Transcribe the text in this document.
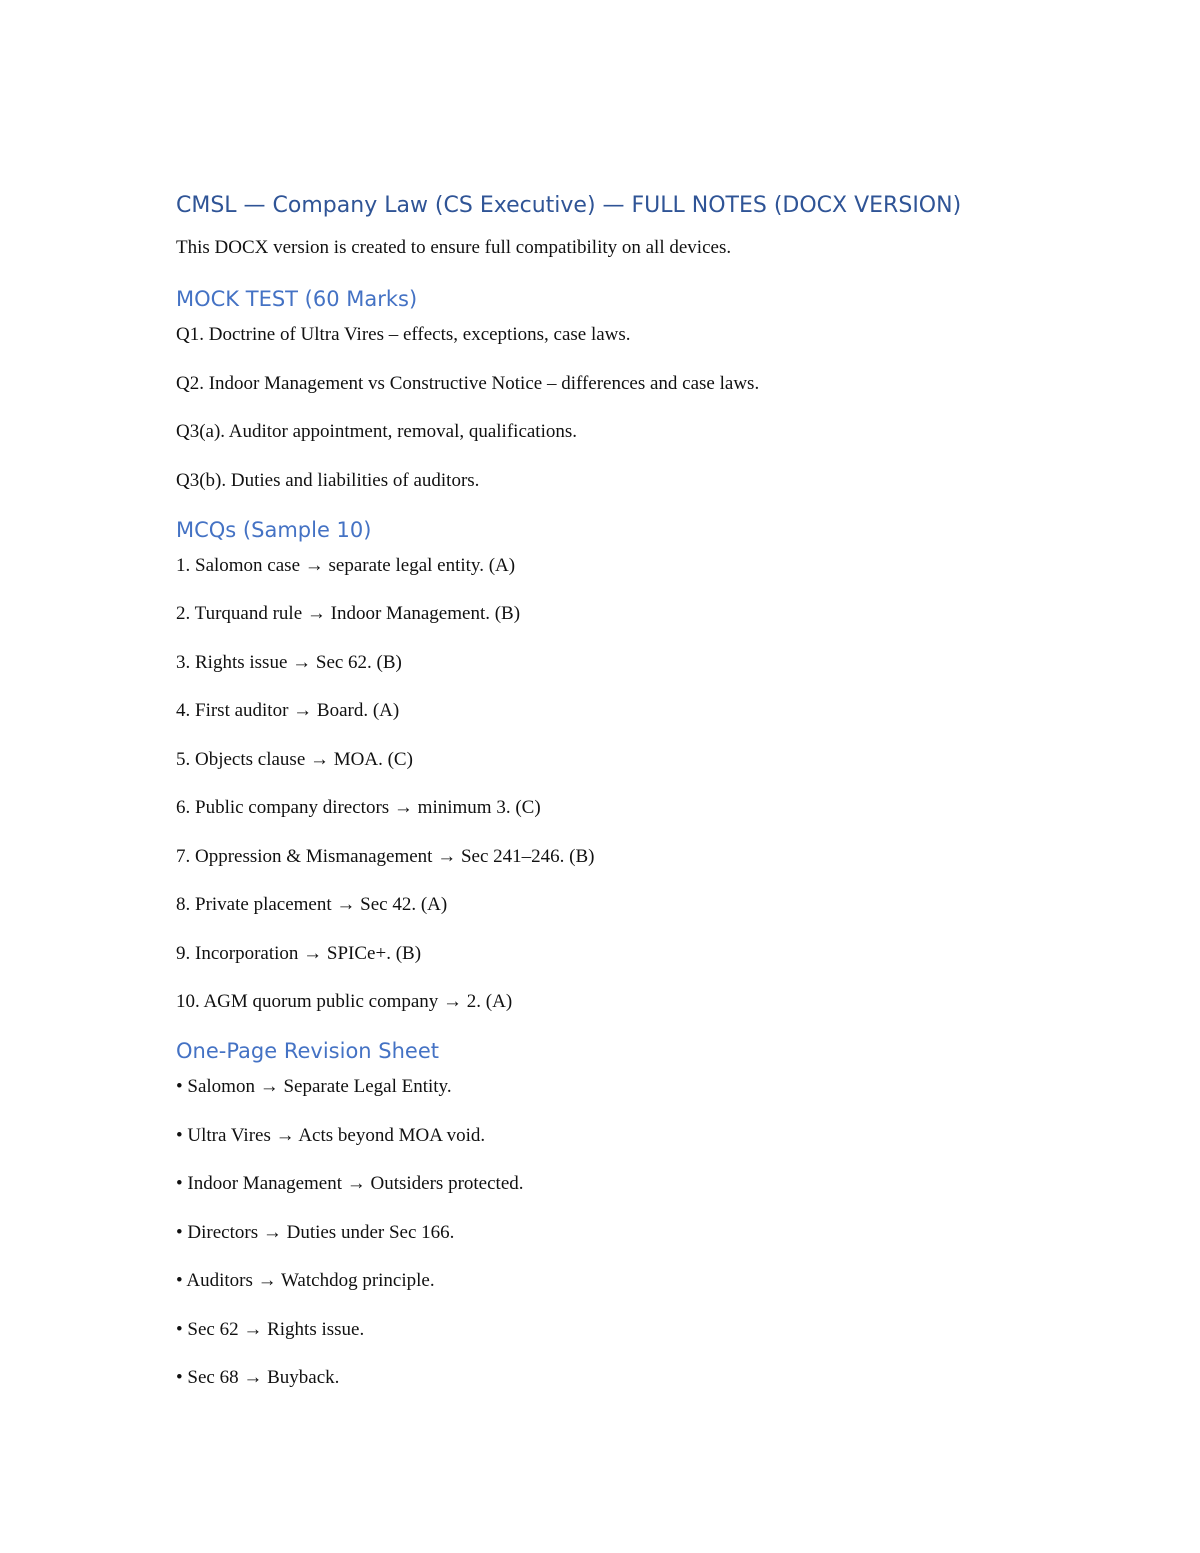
CMSL — Company Law (CS Executive) — FULL NOTES (DOCX VERSION)

This DOCX version is created to ensure full compatibility on all devices.

MOCK TEST (60 Marks)

Q1. Doctrine of Ultra Vires – effects, exceptions, case laws.

Q2. Indoor Management vs Constructive Notice – differences and case laws.

Q3(a). Auditor appointment, removal, qualifications.

Q3(b). Duties and liabilities of auditors.

MCQs (Sample 10)

1. Salomon case → separate legal entity. (A)

2. Turquand rule → Indoor Management. (B)

3. Rights issue → Sec 62. (B)

4. First auditor → Board. (A)

5. Objects clause → MOA. (C)

6. Public company directors → minimum 3. (C)

7. Oppression & Mismanagement → Sec 241–246. (B)

8. Private placement → Sec 42. (A)

9. Incorporation → SPICe+. (B)

10. AGM quorum public company → 2. (A)

One-Page Revision Sheet

• Salomon → Separate Legal Entity.

• Ultra Vires → Acts beyond MOA void.

• Indoor Management → Outsiders protected.

• Directors → Duties under Sec 166.

• Auditors → Watchdog principle.

• Sec 62 → Rights issue.

• Sec 68 → Buyback.
